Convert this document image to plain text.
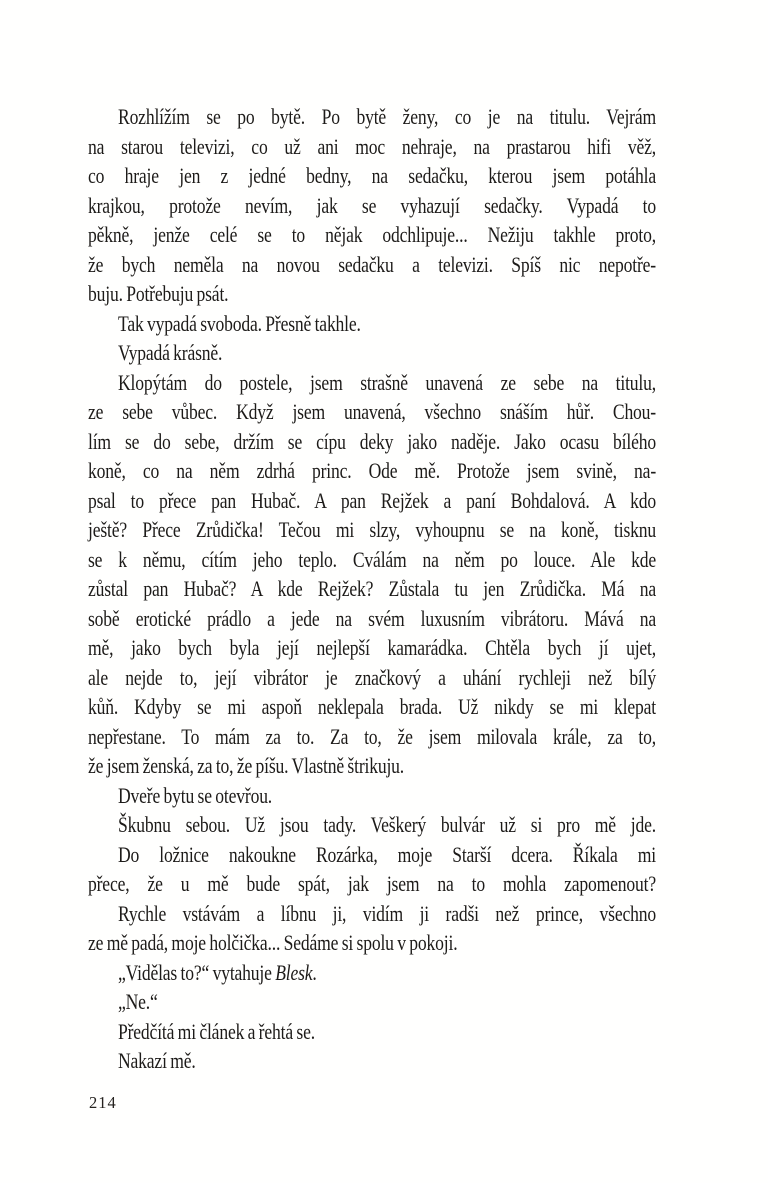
Rozhlížím se po bytě. Po bytě ženy, co je na titulu. Vejrám
na starou televizi, co už ani moc nehraje, na prastarou hifi věž,
co hraje jen z jedné bedny, na sedačku, kterou jsem potáhla
krajkou, protože nevím, jak se vyhazují sedačky. Vypadá to
pěkně, jenže celé se to nějak odchlipuje... Nežiju takhle proto,
že bych neměla na novou sedačku a televizi. Spíš nic nepotře-
buju. Potřebuju psát.
Tak vypadá svoboda. Přesně takhle.
Vypadá krásně.
Klopýtám do postele, jsem strašně unavená ze sebe na titulu,
ze sebe vůbec. Když jsem unavená, všechno snáším hůř. Chou-
lím se do sebe, držím se cípu deky jako naděje. Jako ocasu bílého
koně, co na něm zdrhá princ. Ode mě. Protože jsem svině, na-
psal to přece pan Hubač. A pan Rejžek a paní Bohdalová. A kdo
ještě? Přece Zrůdička! Tečou mi slzy, vyhoupnu se na koně, tisknu
se k němu, cítím jeho teplo. Cválám na něm po louce. Ale kde
zůstal pan Hubač? A kde Rejžek? Zůstala tu jen Zrůdička. Má na
sobě erotické prádlo a jede na svém luxusním vibrátoru. Mává na
mě, jako bych byla její nejlepší kamarádka. Chtěla bych jí ujet,
ale nejde to, její vibrátor je značkový a uhání rychleji než bílý
kůň. Kdyby se mi aspoň neklepala brada. Už nikdy se mi klepat
nepřestane. To mám za to. Za to, že jsem milovala krále, za to,
že jsem ženská, za to, že píšu. Vlastně štrikuju.
Dveře bytu se otevřou.
Škubnu sebou. Už jsou tady. Veškerý bulvár už si pro mě jde.
Do ložnice nakoukne Rozárka, moje Starší dcera. Říkala mi
přece, že u mě bude spát, jak jsem na to mohla zapomenout?
Rychle vstávám a líbnu ji, vidím ji radši než prince, všechno
ze mě padá, moje holčička... Sedáme si spolu v pokoji.
„Vidělas to?“ vytahuje Blesk.
„Ne.“
Předčítá mi článek a řehtá se.
Nakazí mě.
214
